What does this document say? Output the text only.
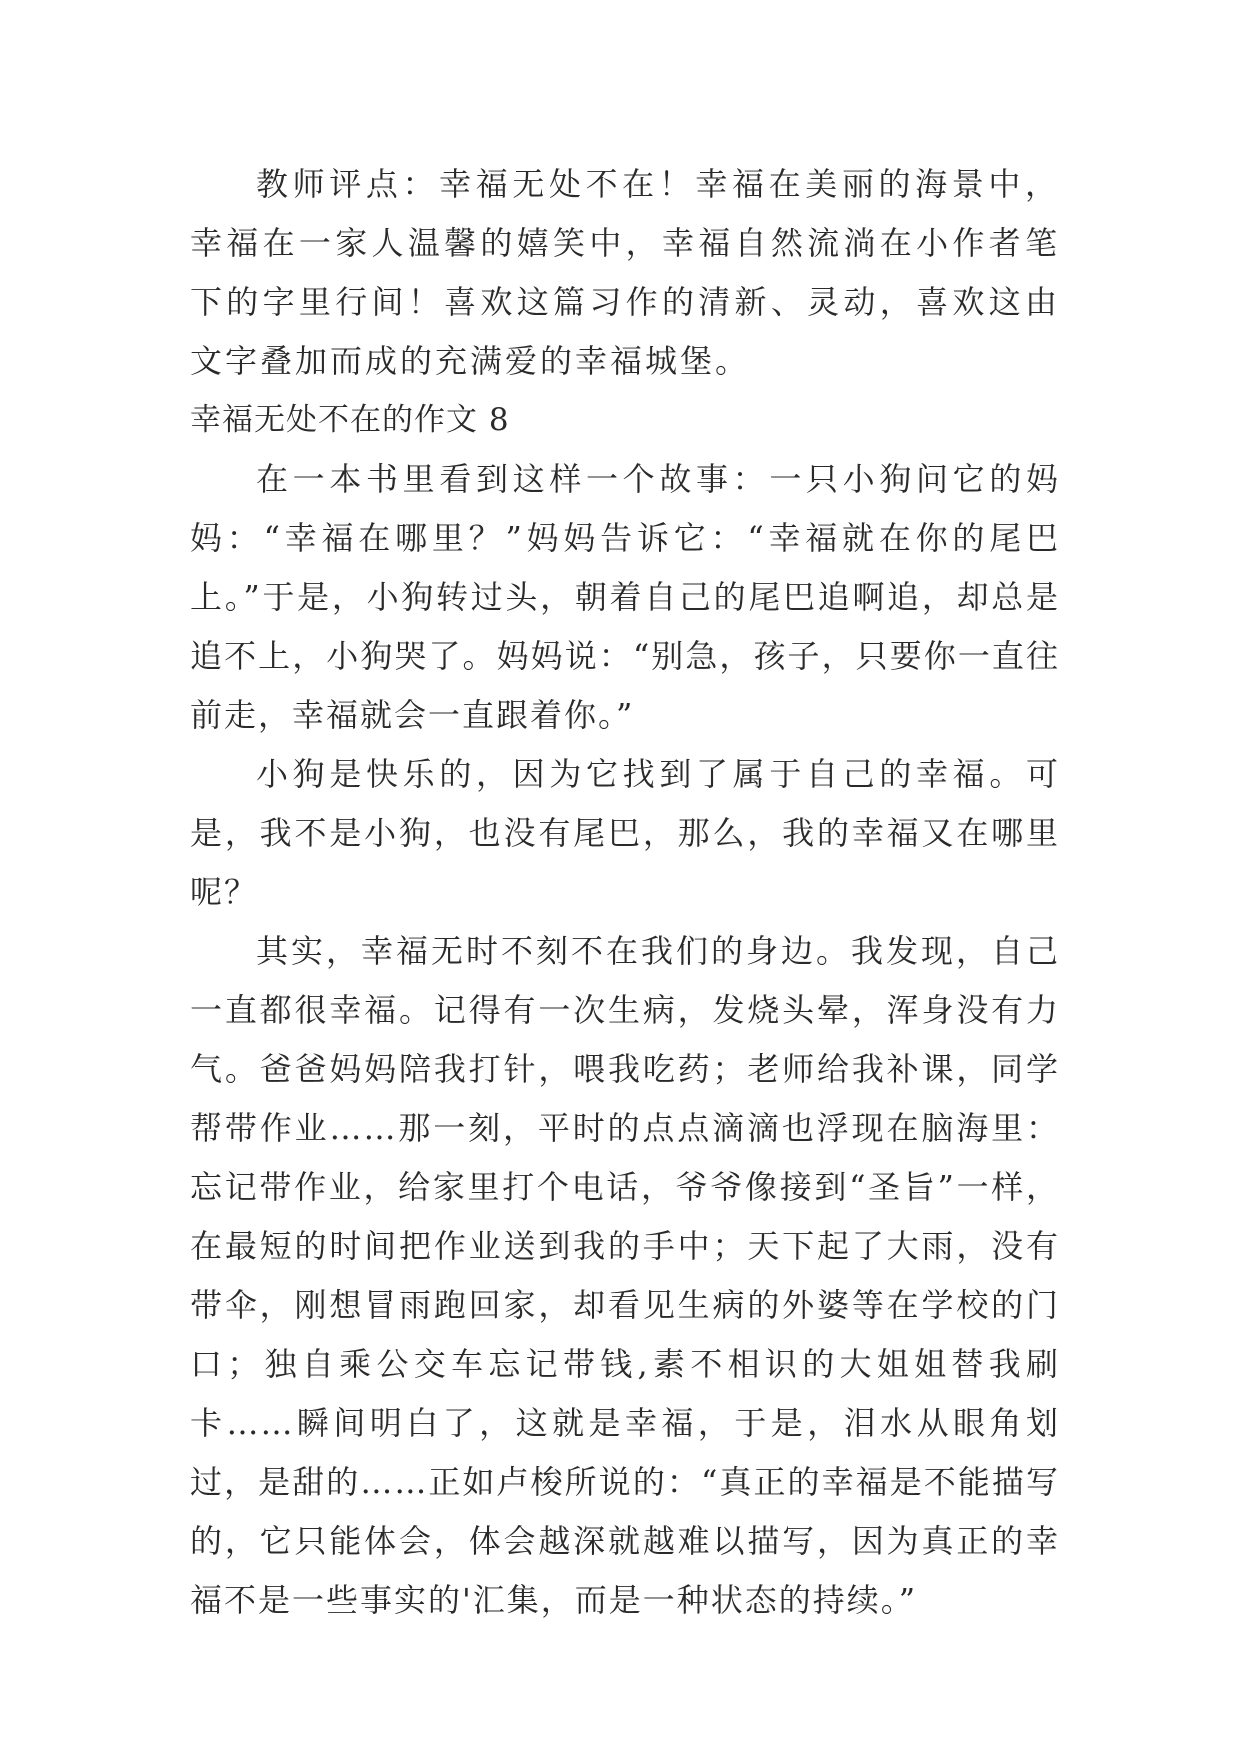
教师评点：幸福无处不在！幸福在美丽的海景中，幸福在一家人温馨的嬉笑中，幸福自然流淌在小作者笔下的字里行间！喜欢这篇习作的清新、灵动，喜欢这由文字叠加而成的充满爱的幸福城堡。

幸福无处不在的作文 8

在一本书里看到这样一个故事：一只小狗问它的妈妈：“幸福在哪里？”妈妈告诉它：“幸福就在你的尾巴上。”于是，小狗转过头，朝着自己的尾巴追啊追，却总是追不上，小狗哭了。妈妈说：“别急，孩子，只要你一直往前走，幸福就会一直跟着你。”

小狗是快乐的，因为它找到了属于自己的幸福。可是，我不是小狗，也没有尾巴，那么，我的幸福又在哪里呢？

其实，幸福无时不刻不在我们的身边。我发现，自己一直都很幸福。记得有一次生病，发烧头晕，浑身没有力气。爸爸妈妈陪我打针，喂我吃药；老师给我补课，同学帮带作业……那一刻，平时的点点滴滴也浮现在脑海里：忘记带作业，给家里打个电话，爷爷像接到“圣旨”一样，在最短的时间把作业送到我的手中；天下起了大雨，没有带伞，刚想冒雨跑回家，却看见生病的外婆等在学校的门口；独自乘公交车忘记带钱,素不相识的大姐姐替我刷卡……瞬间明白了，这就是幸福，于是，泪水从眼角划过，是甜的……正如卢梭所说的：“真正的幸福是不能描写的，它只能体会，体会越深就越难以描写，因为真正的幸福不是一些事实的'汇集，而是一种状态的持续。”
